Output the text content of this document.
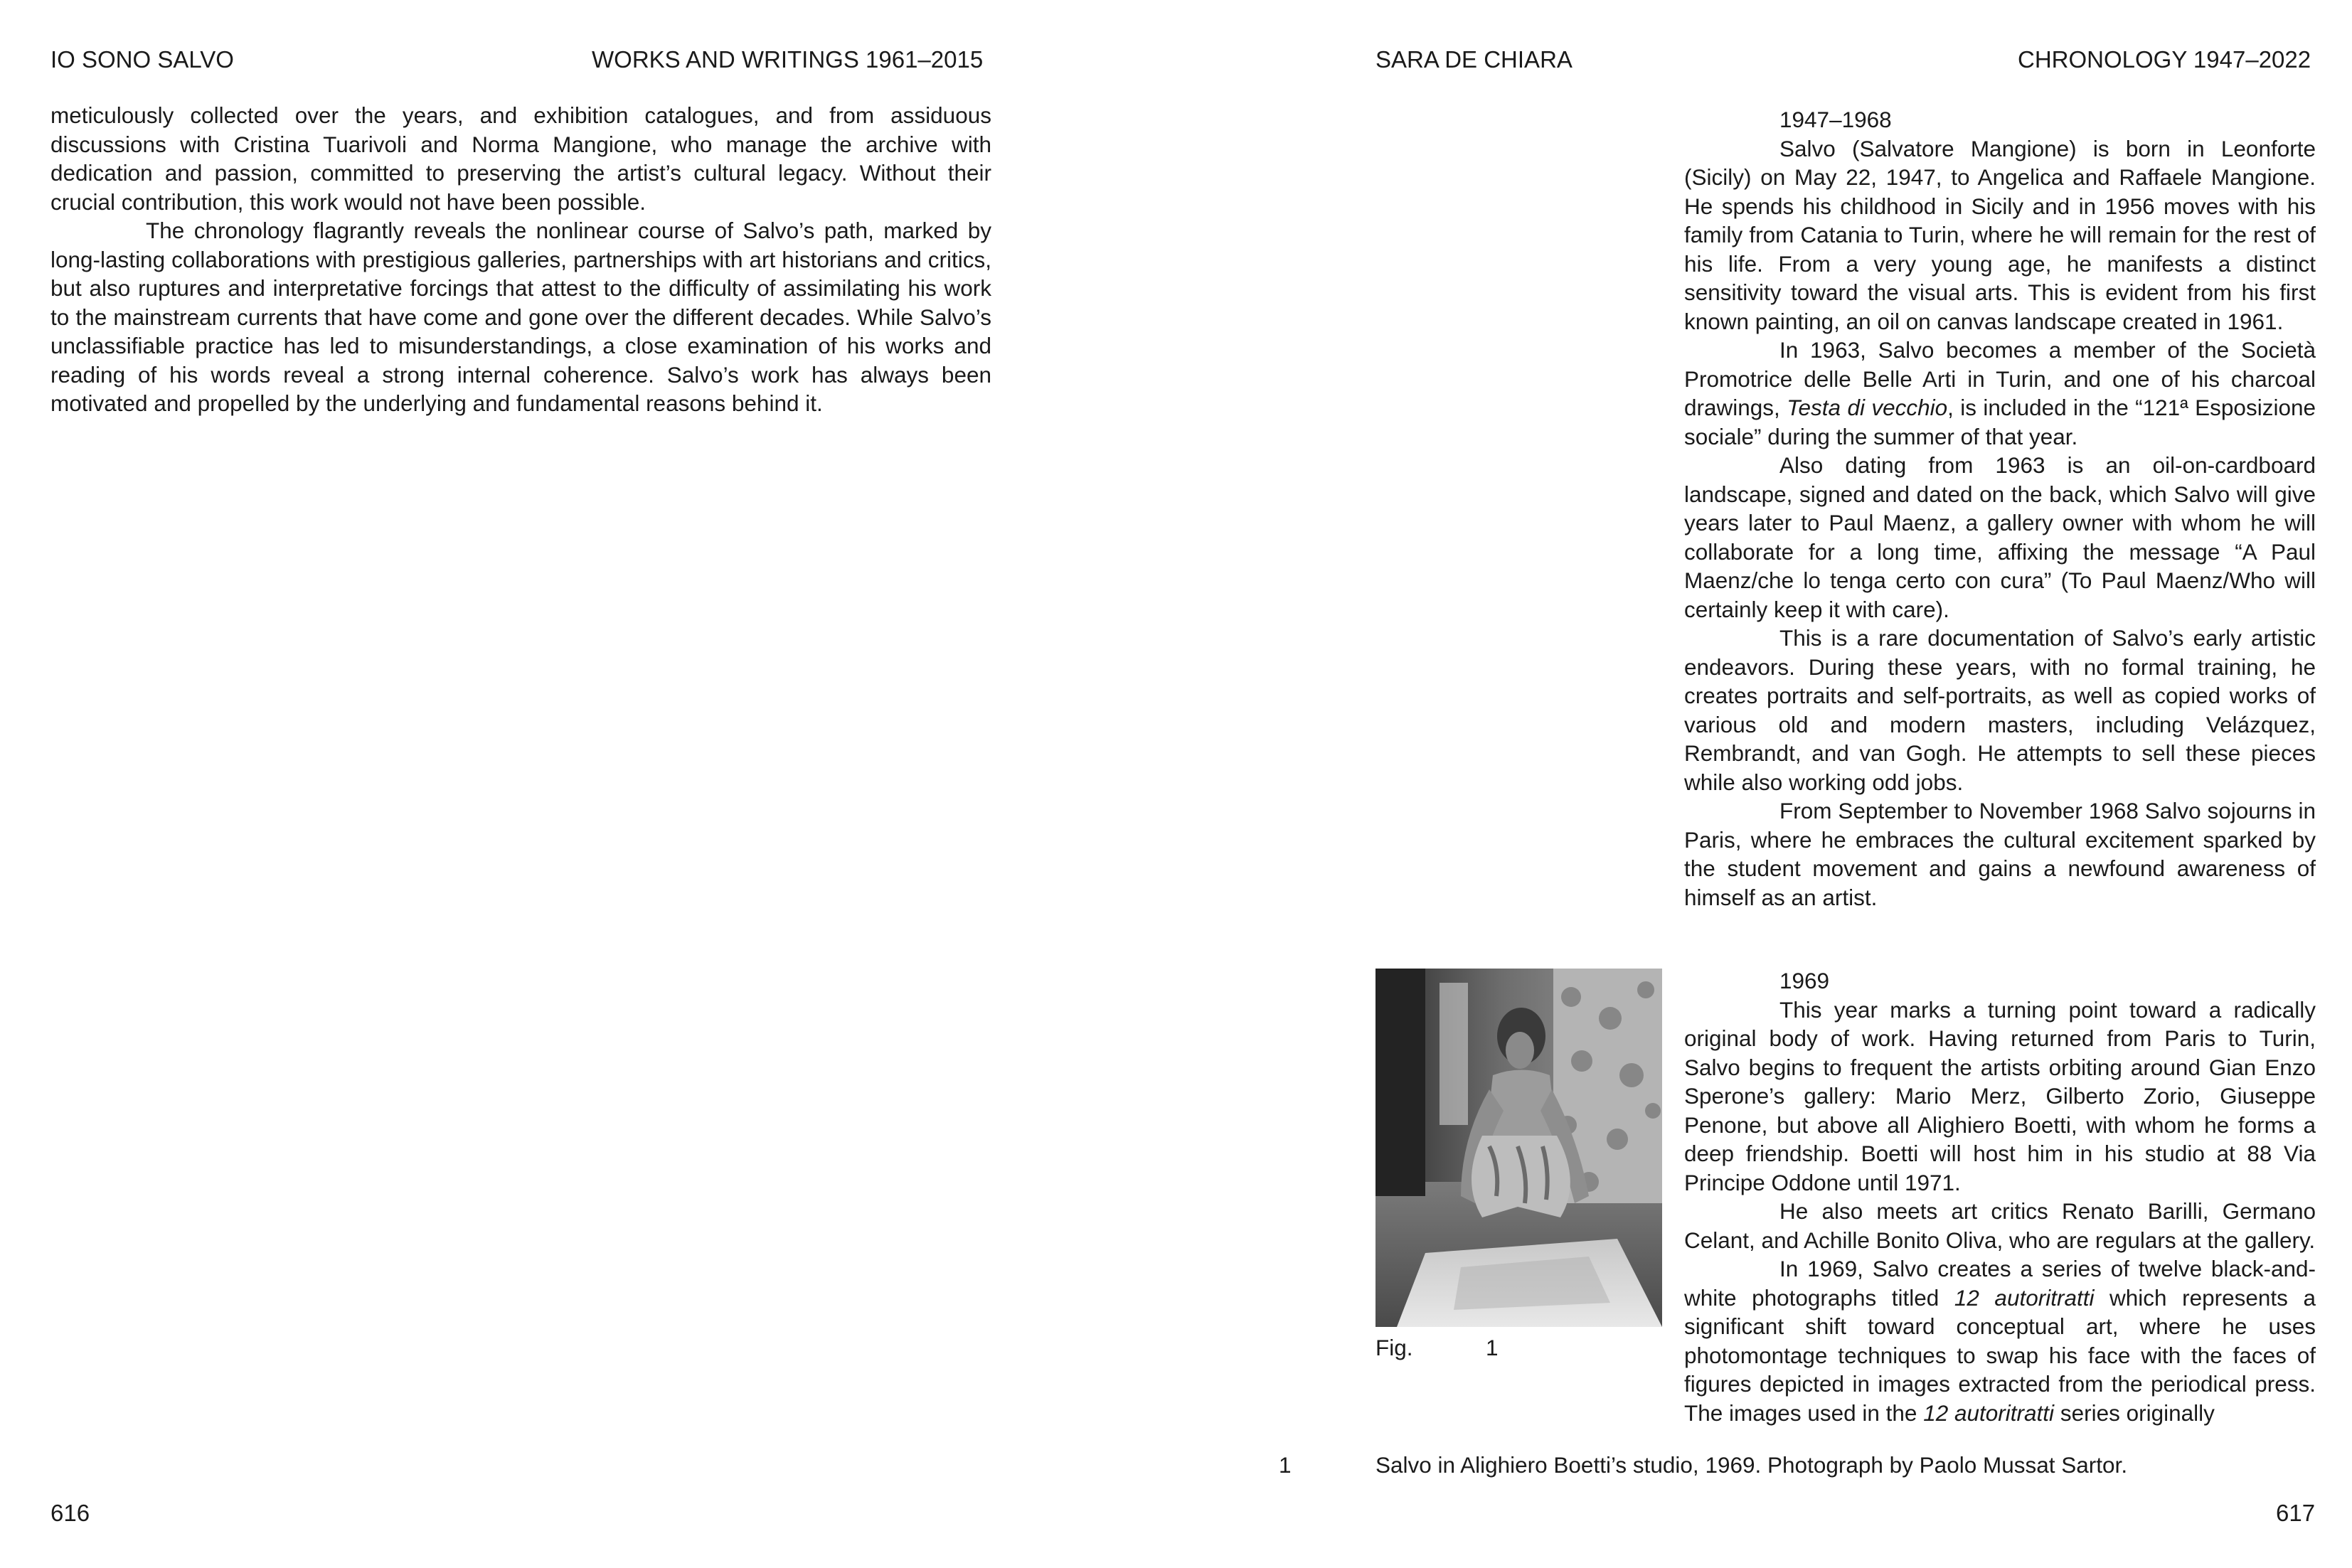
IO SONO SALVO	WORKS AND WRITINGS 1961–2015

meticulously collected over the years, and exhibition catalogues, and from assiduous discussions with Cristina Tuarivoli and Norma Mangione, who manage the archive with dedication and passion, committed to preserving the artist’s cultural legacy. Without their crucial contribution, this work would not have been possible.

The chronology flagrantly reveals the nonlinear course of Salvo’s path, marked by long-lasting collaborations with prestigious galleries, partnerships with art historians and critics, but also ruptures and interpretative forcings that attest to the difficulty of assimilating his work to the mainstream currents that have come and gone over the different decades. While Salvo’s unclassifiable practice has led to misunderstandings, a close examination of his works and reading of his words reveal a strong internal coherence. Salvo’s work has always been motivated and propelled by the underlying and fundamental reasons behind it.

616
SARA DE CHIARA	CHRONOLOGY 1947–2022

1947–1968

Salvo (Salvatore Mangione) is born in Leonforte (Sicily) on May 22, 1947, to Angelica and Raffaele Mangione. He spends his childhood in Sicily and in 1956 moves with his family from Catania to Turin, where he will remain for the rest of his life. From a very young age, he manifests a distinct sensitivity toward the visual arts. This is evident from his first known painting, an oil on canvas landscape created in 1961.

In 1963, Salvo becomes a member of the Società Promotrice delle Belle Arti in Turin, and one of his charcoal drawings, Testa di vecchio, is included in the “121ª Esposizione sociale” during the summer of that year.

Also dating from 1963 is an oil-on-cardboard landscape, signed and dated on the back, which Salvo will give years later to Paul Maenz, a gallery owner with whom he will collaborate for a long time, affixing the message “A Paul Maenz/che lo tenga certo con cura” (To Paul Maenz/Who will certainly keep it with care).

This is a rare documentation of Salvo’s early artistic endeavors. During these years, with no formal training, he creates portraits and self-portraits, as well as copied works of various old and modern masters, including Velázquez, Rembrandt, and van Gogh. He attempts to sell these pieces while also working odd jobs.

From September to November 1968 Salvo sojourns in Paris, where he embraces the cultural excitement sparked by the student movement and gains a newfound awareness of himself as an artist.

Fig.	1

1969

This year marks a turning point toward a radically original body of work. Having returned from Paris to Turin, Salvo begins to frequent the artists orbiting around Gian Enzo Sperone’s gallery: Mario Merz, Gilberto Zorio, Giuseppe Penone, but above all Alighiero Boetti, with whom he forms a deep friendship. Boetti will host him in his studio at 88 Via Principe Oddone until 1971.

He also meets art critics Renato Barilli, Germano Celant, and Achille Bonito Oliva, who are regulars at the gallery.

In 1969, Salvo creates a series of twelve black-and-white photographs titled 12 autoritratti which represents a significant shift toward conceptual art, where he uses photomontage techniques to swap his face with the faces of figures depicted in images extracted from the periodical press. The images used in the 12 autoritratti series originally

1	Salvo in Alighiero Boetti’s studio, 1969. Photograph by Paolo Mussat Sartor.
617
